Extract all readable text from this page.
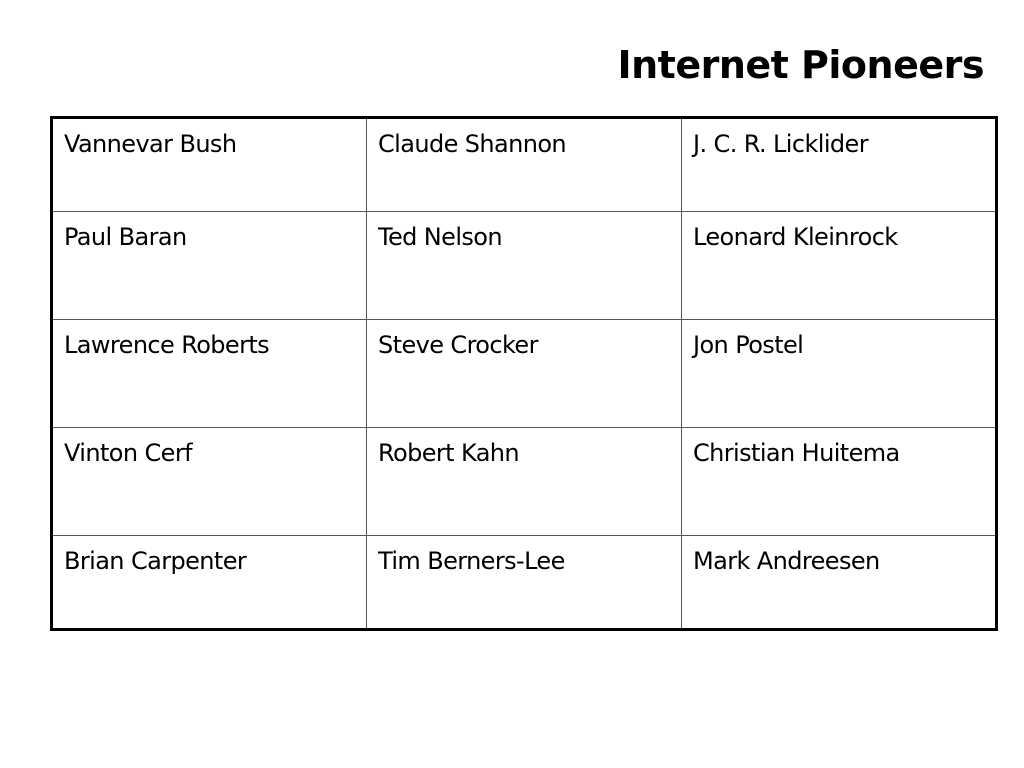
Internet Pioneers
Vannevar Bush	Claude Shannon	J. C. R. Licklider
Paul Baran	Ted Nelson	Leonard Kleinrock
Lawrence Roberts	Steve Crocker	Jon Postel
Vinton Cerf	Robert Kahn	Christian Huitema
Brian Carpenter	Tim Berners-Lee	Mark Andreesen
